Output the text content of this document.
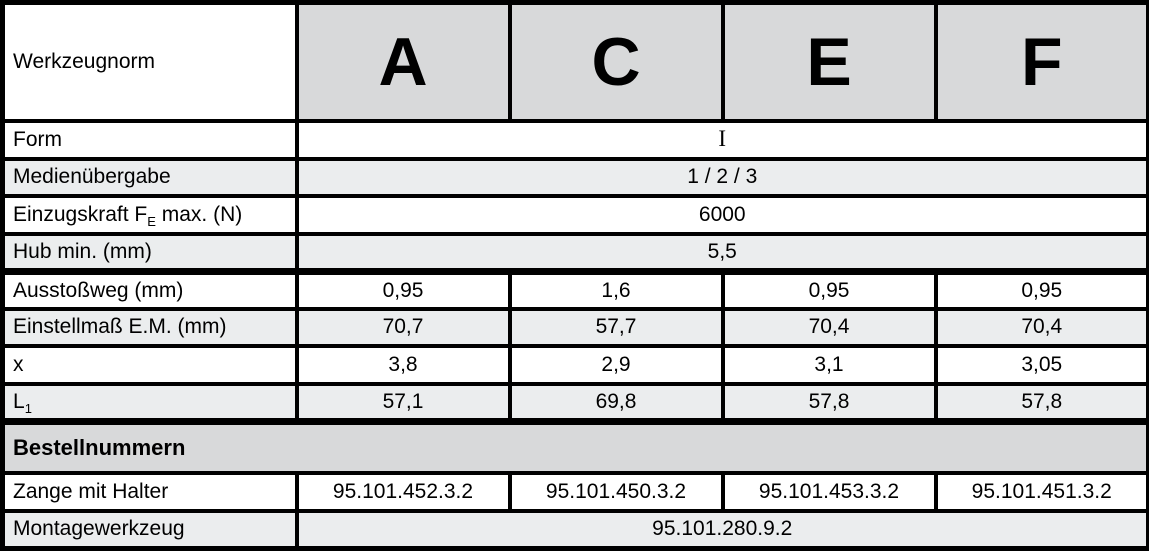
Werkzeugnorm	A	C	E	F
Form	I			
Medienübergabe	1 / 2 / 3			
Einzugskraft $F_E$ max. (N)	6000			
Hub min. (mm)	5,5			
Ausstoßweg (mm)	0,95	1,6	0,95	0,95
Einstellmaß E.M. (mm)	70,7	57,7	70,4	70,4
x	3,8	2,9	3,1	3,05
$L_1$	57,1	69,8	57,8	57,8
Bestellnummern				
Zange mit Halter	95.101.452.3.2	95.101.450.3.2	95.101.453.3.2	95.101.451.3.2
Montagewerkzeug	95.101.280.9.2			
